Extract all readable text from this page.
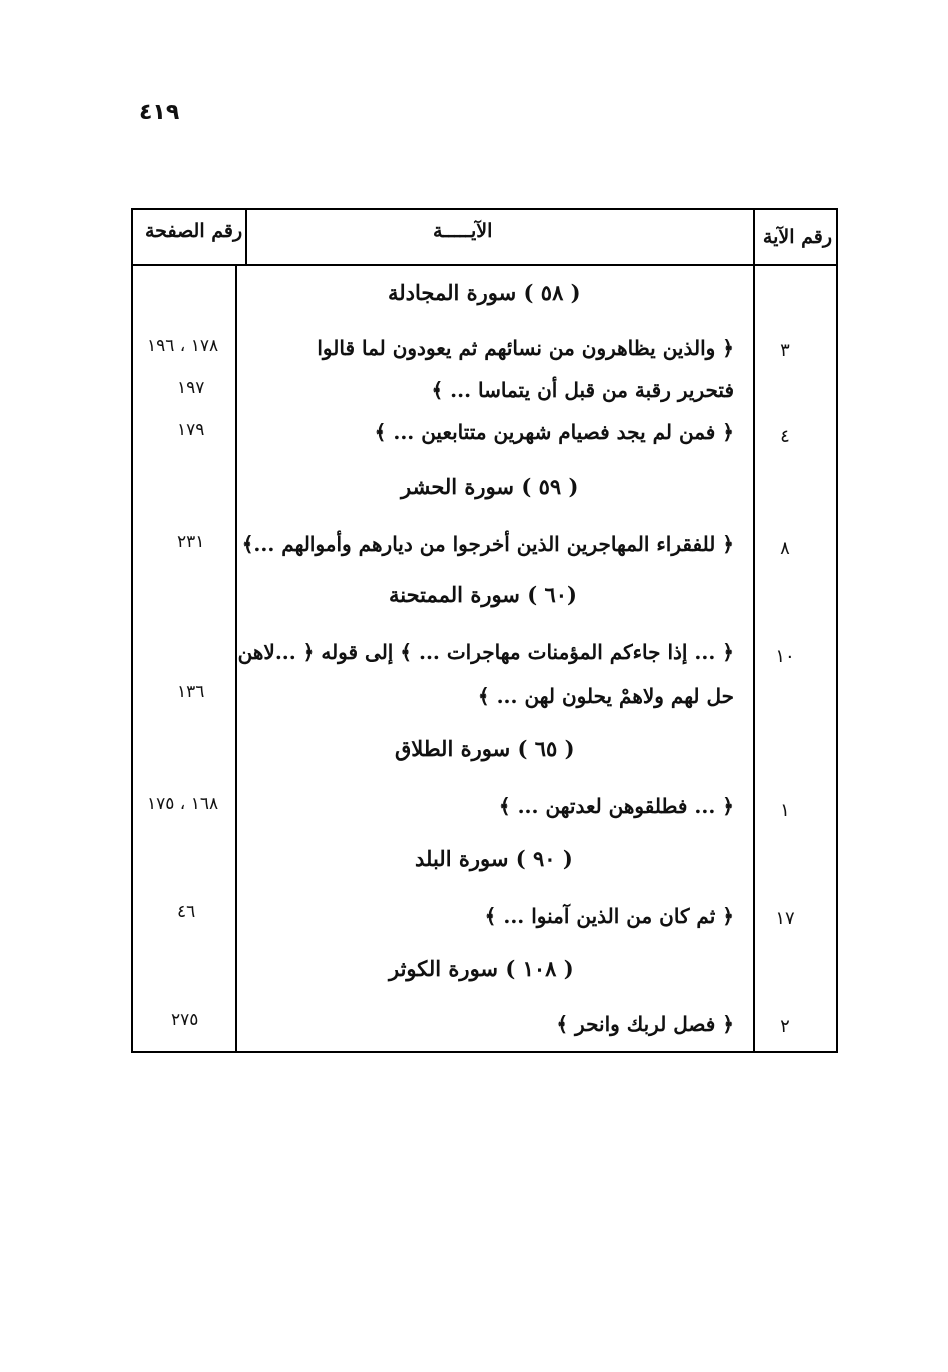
٤١٩
رقم الآية
الآيـــــة
رقم الصفحة
( ٥٨ ) سورة المجادلة
٣
﴿ والذين يظاهرون من نسائهم ثم يعودون لما قالوا
١٧٨ ، ١٩٦
فتحرير رقبة من قبل أن يتماسا ... ﴾
١٩٧
٤
﴿ فمن لم يجد فصيام شهرين متتابعين ... ﴾
١٧٩
( ٥٩ ) سورة الحشر
٨
﴿ للفقراء المهاجرين الذين أخرجوا من ديارهم وأموالهم ...﴾
٢٣١
(٦٠ ) سورة الممتحنة
١٠
﴿ ... إذا جاءكم المؤمنات مهاجرات ... ﴾ إلى قوله ﴿ ...لاهن
حل لهم ولاهمْ يحلون لهن ... ﴾
١٣٦
( ٦٥ ) سورة الطلاق
١
﴿ ... فطلقوهن لعدتهن ... ﴾
١٦٨ ، ١٧٥
( ٩٠ ) سورة البلد
١٧
﴿ ثم كان من الذين آمنوا ... ﴾
٤٦
( ١٠٨ ) سورة الكوثر
٢
﴿ فصل لربك وانحر ﴾
٢٧٥
